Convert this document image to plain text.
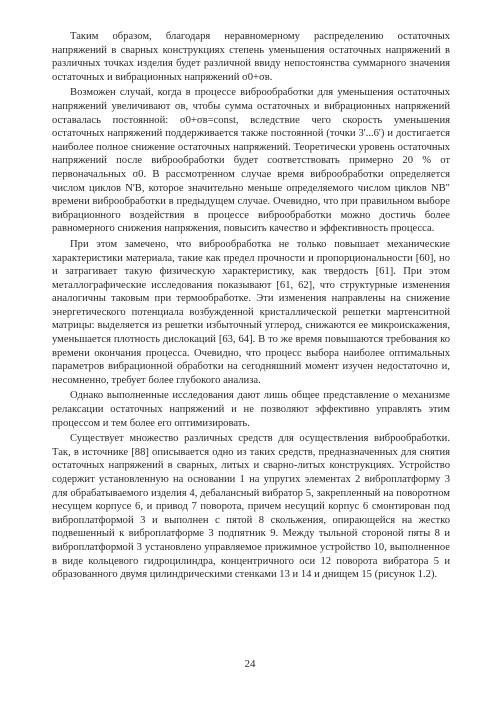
Таким образом, благодаря неравномерному распределению остаточных напряжений в сварных конструкциях степень уменьшения остаточных напряжений в различных точках изделия будет различной ввиду непостоянства суммарного значения остаточных и вибрационных напряжений σ0+σв.

Возможен случай, когда в процессе виброобработки для уменьшения остаточных напряжений увеличивают σв, чтобы сумма остаточных и вибрационных напряжений оставалась постоянной: σ0+σв=const, вследствие чего скорость уменьшения остаточных напряжений поддерживается также постоянной (точки 3'...6') и достигается наиболее полное снижение остаточных напряжений. Теоретически уровень остаточных напряжений после виброобработки будет соответствовать примерно 20 % от первоначальных σ0. В рассмотренном случае время виброобработки определяется числом циклов N'В, которое значительно меньше определяемого числом циклов NВ" времени виброобработки в предыдущем случае. Очевидно, что при правильном выборе вибрационного воздействия в процессе виброобработки можно достичь более равномерного снижения напряжения, повысить качество и эффективность процесса.

При этом замечено, что виброобработка не только повышает механические характеристики материала, такие как предел прочности и пропорциональности [60], но и затрагивает такую физическую характеристику, как твердость [61]. При этом металлографические исследования показывают [61, 62], что структурные изменения аналогичны таковым при термообработке. Эти изменения направлены на снижение энергетического потенциала возбужденной кристаллической решетки мартенситной матрицы: выделяется из решетки избыточный углерод, снижаются ее микроискажения, уменьшается плотность дислокаций [63, 64]. В то же время повышаются требования ко времени окончания процесса. Очевидно, что процесс выбора наиболее оптимальных параметров вибрационной обработки на сегодняшний момент изучен недостаточно и, несомненно, требует более глубокого анализа.

Однако выполненные исследования дают лишь общее представление о механизме релаксации остаточных напряжений и не позволяют эффективно управлять этим процессом и тем более его оптимизировать.

Существует множество различных средств для осуществления виброобработки. Так, в источнике [88] описывается одно из таких средств, предназначенных для снятия остаточных напряжений в сварных, литых и сварно-литых конструкциях. Устройство содержит установленную на основании 1 на упругих элементах 2 виброплатформу 3 для обрабатываемого изделия 4, дебалансный вибратор 5, закрепленный на поворотном несущем корпусе 6, и привод 7 поворота, причем несущий корпус 6 смонтирован под виброплатформой 3 и выполнен с пятой 8 скольжения, опирающейся на жестко подвешенный к виброплатформе 3 подпятник 9. Между тыльной стороной пяты 8 и виброплатформой 3 установлено управляемое прижимное устройство 10, выполненное в виде кольцевого гидроцилиндра, концентричного оси 12 поворота вибратора 5 и образованного двумя цилиндрическими стенками 13 и 14 и днищем 15 (рисунок 1.2).

24
